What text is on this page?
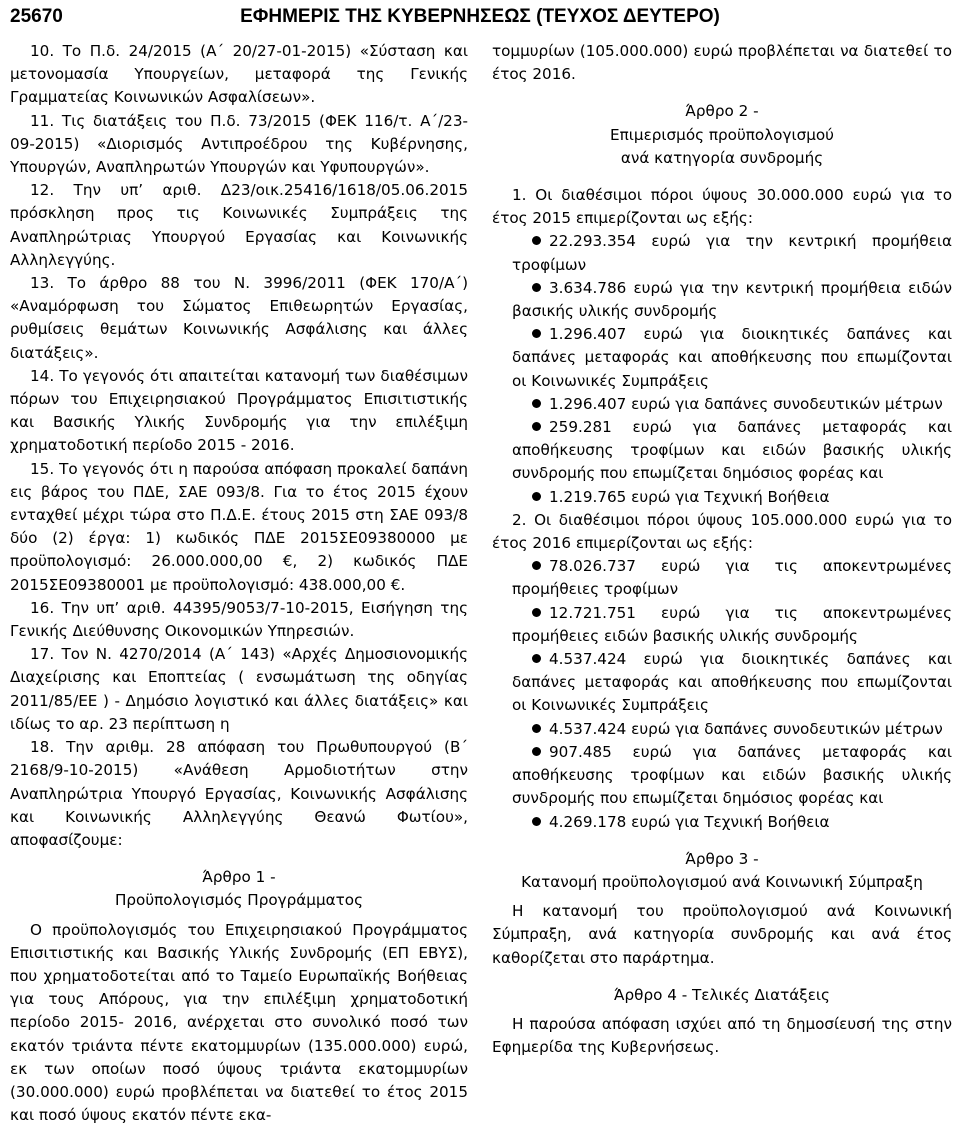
25670	ΕΦΗΜΕΡΙΣ ΤΗΣ ΚΥΒΕΡΝΗΣΕΩΣ (ΤΕΥΧΟΣ ΔΕΥΤΕΡΟ)

10. Το Π.δ. 24/2015 (Α΄ 20/27-01-2015) «Σύσταση και μετονομασία Υπουργείων, μεταφορά της Γενικής Γραμματείας Κοινωνικών Ασφαλίσεων».

11. Τις διατάξεις του Π.δ. 73/2015 (ΦΕΚ 116/τ. Α΄/23-09-2015) «Διορισμός Αντιπροέδρου της Κυβέρνησης, Υπουργών, Αναπληρωτών Υπουργών και Υφυπουργών».

12. Την υπ’ αριθ. Δ23/οικ.25416/1618/05.06.2015 πρόσκληση προς τις Κοινωνικές Συμπράξεις της Αναπληρώτριας Υπουργού Εργασίας και Κοινωνικής Αλληλεγγύης.

13. Το άρθρο 88 του Ν. 3996/2011 (ΦΕΚ 170/Α΄) «Αναμόρφωση του Σώματος Επιθεωρητών Εργασίας, ρυθμίσεις θεμάτων Κοινωνικής Ασφάλισης και άλλες διατάξεις».

14. Το γεγονός ότι απαιτείται κατανομή των διαθέσιμων πόρων του Επιχειρησιακού Προγράμματος Επισιτιστικής και Βασικής Υλικής Συνδρομής για την επιλέξιμη χρηματοδοτική περίοδο 2015 - 2016.

15. Το γεγονός ότι η παρούσα απόφαση προκαλεί δαπάνη εις βάρος του ΠΔΕ, ΣΑΕ 093/8. Για το έτος 2015 έχουν ενταχθεί μέχρι τώρα στο Π.Δ.Ε. έτους 2015 στη ΣΑΕ 093/8 δύο (2) έργα: 1) κωδικός ΠΔΕ 2015ΣΕ09380000 με προϋπολογισμό: 26.000.000,00 €, 2) κωδικός ΠΔΕ 2015ΣΕ09380001 με προϋπολογισμό: 438.000,00 €.

16. Την υπ’ αριθ. 44395/9053/7-10-2015, Εισήγηση της Γενικής Διεύθυνσης Οικονομικών Υπηρεσιών.

17. Τον Ν. 4270/2014 (Α΄ 143) «Αρχές Δημοσιονομικής Διαχείρισης και Εποπτείας ( ενσωμάτωση της οδηγίας 2011/85/ΕΕ ) - Δημόσιο λογιστικό και άλλες διατάξεις» και ιδίως το αρ. 23 περίπτωση η

18. Την αριθμ. 28 απόφαση του Πρωθυπουργού (Β΄ 2168/9-10-2015) «Ανάθεση Αρμοδιοτήτων στην Αναπληρώτρια Υπουργό Εργασίας, Κοινωνικής Ασφάλισης και Κοινωνικής Αλληλεγγύης Θεανώ Φωτίου», αποφασίζουμε:

Άρθρο 1 -

Προϋπολογισμός Προγράμματος

Ο προϋπολογισμός του Επιχειρησιακού Προγράμματος Επισιτιστικής και Βασικής Υλικής Συνδρομής (ΕΠ ΕΒΥΣ), που χρηματοδοτείται από το Ταμείο Ευρωπαϊκής Βοήθειας για τους Απόρους, για την επιλέξιμη χρηματοδοτική περίοδο 2015- 2016, ανέρχεται στο συνολικό ποσό των εκατόν τριάντα πέντε εκατομμυρίων (135.000.000) ευρώ, εκ των οποίων ποσό ύψους τριάντα εκατομμυρίων (30.000.000) ευρώ προβλέπεται να διατεθεί το έτος 2015 και ποσό ύψους εκατόν πέντε εκα-

τομμυρίων (105.000.000) ευρώ προβλέπεται να διατεθεί το έτος 2016.

Άρθρο 2 -

Επιμερισμός προϋπολογισμού

ανά κατηγορία συνδρομής

1. Οι διαθέσιμοι πόροι ύψους 30.000.000 ευρώ για το έτος 2015 επιμερίζονται ως εξής:

22.293.354 ευρώ για την κεντρική προμήθεια τροφίμων

3.634.786 ευρώ για την κεντρική προμήθεια ειδών βασικής υλικής συνδρομής

1.296.407 ευρώ για διοικητικές δαπάνες και δαπάνες μεταφοράς και αποθήκευσης που επωμίζονται οι Κοινωνικές Συμπράξεις

1.296.407 ευρώ για δαπάνες συνοδευτικών μέτρων

259.281 ευρώ για δαπάνες μεταφοράς και αποθήκευσης τροφίμων και ειδών βασικής υλικής συνδρομής που επωμίζεται δημόσιος φορέας και

1.219.765 ευρώ για Τεχνική Βοήθεια

2. Οι διαθέσιμοι πόροι ύψους 105.000.000 ευρώ για το έτος 2016 επιμερίζονται ως εξής:

78.026.737 ευρώ για τις αποκεντρωμένες προμήθειες τροφίμων

12.721.751 ευρώ για τις αποκεντρωμένες προμήθειες ειδών βασικής υλικής συνδρομής

4.537.424 ευρώ για διοικητικές δαπάνες και δαπάνες μεταφοράς και αποθήκευσης που επωμίζονται οι Κοινωνικές Συμπράξεις

4.537.424 ευρώ για δαπάνες συνοδευτικών μέτρων

907.485 ευρώ για δαπάνες μεταφοράς και αποθήκευσης τροφίμων και ειδών βασικής υλικής συνδρομής που επωμίζεται δημόσιος φορέας και

4.269.178 ευρώ για Τεχνική Βοήθεια

Άρθρο 3 -

Κατανομή προϋπολογισμού ανά Κοινωνική Σύμπραξη

Η κατανομή του προϋπολογισμού ανά Κοινωνική Σύμπραξη, ανά κατηγορία συνδρομής και ανά έτος καθορίζεται στο παράρτημα.

Άρθρο 4 - Τελικές Διατάξεις

Η παρούσα απόφαση ισχύει από τη δημοσίευσή της στην Εφημερίδα της Κυβερνήσεως.
